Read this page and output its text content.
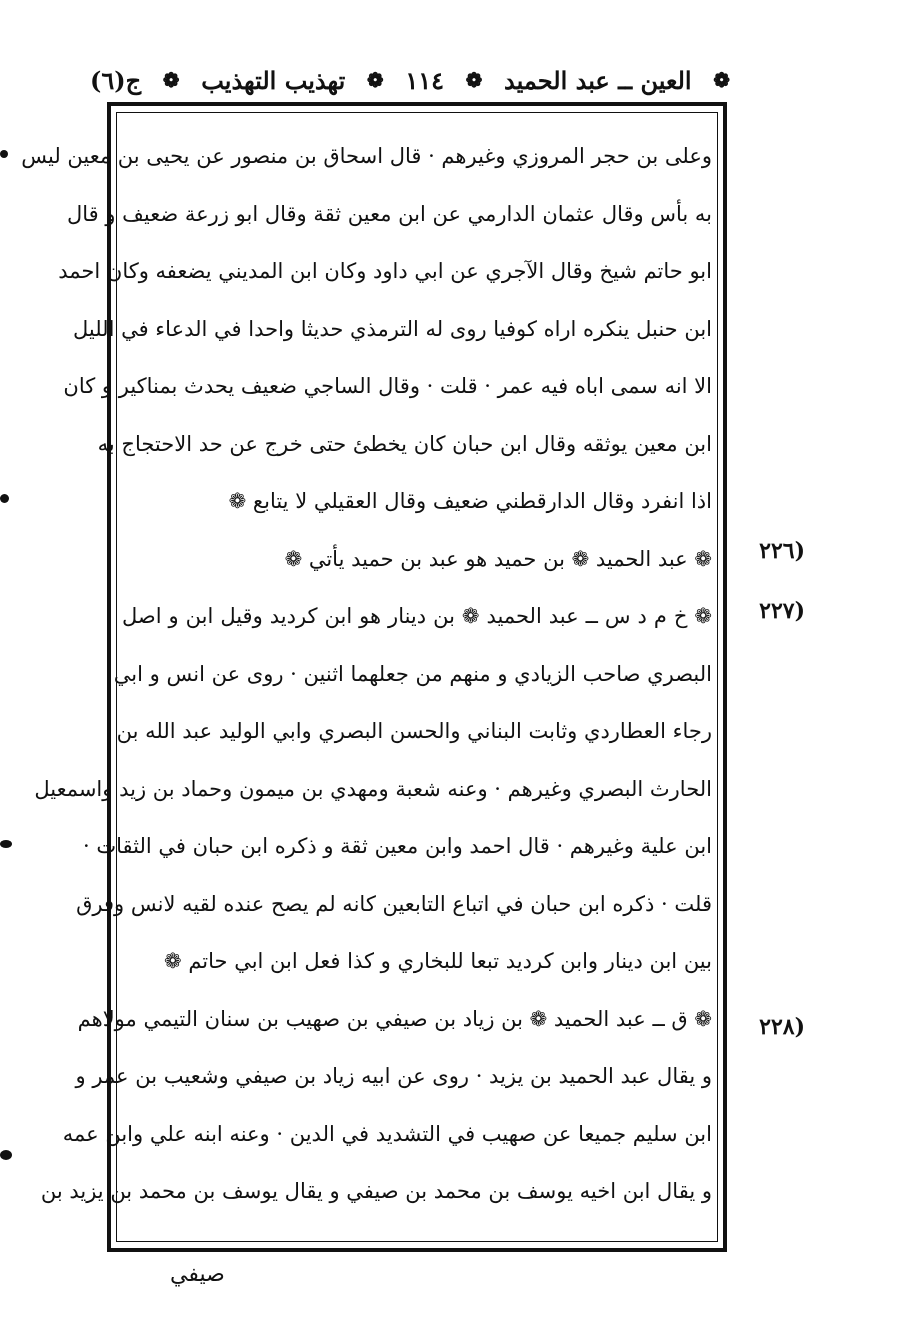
ج(٦) ❁ تهذيب التهذيب ❁ ١١٤ ❁ العين ــ عبد الحميد ❁
وعلى بن حجر المروزي وغيرهم · قال اسحاق بن منصور عن يحيى بن معين ليس
به بأس وقال عثمان الدارمي عن ابن معين ثقة وقال ابو زرعة ضعيف و قال
ابو حاتم شيخ وقال الآجري عن ابي داود وكان ابن المديني يضعفه وكان احمد
ابن حنبل ينكره اراه كوفيا روى له الترمذي حديثا واحدا في الدعاء في الليل
الا انه سمى اباه فيه عمر · قلت · وقال الساجي ضعيف يحدث بمناكير و كان
ابن معين يوثقه وقال ابن حبان كان يخطئ حتى خرج عن حد الاحتجاج به
اذا انفرد وقال الدارقطني ضعيف وقال العقيلي لا يتابع ❁
❁ عبد الحميد ❁ بن حميد هو عبد بن حميد يأتي ❁
❁ خ م د س ــ عبد الحميد ❁ بن دينار هو ابن كرديد وقيل ابن و اصل
البصري صاحب الزيادي و منهم من جعلهما اثنين · روى عن انس و ابي
رجاء العطاردي وثابت البناني والحسن البصري وابي الوليد عبد الله بن
الحارث البصري وغيرهم · وعنه شعبة ومهدي بن ميمون وحماد بن زيد واسمعيل
ابن علية وغيرهم · قال احمد وابن معين ثقة و ذكره ابن حبان في الثقات ·
قلت · ذكره ابن حبان في اتباع التابعين كانه لم يصح عنده لقيه لانس وفرق
بين ابن دينار وابن كرديد تبعا للبخاري و كذا فعل ابن ابي حاتم ❁
❁ ق ــ عبد الحميد ❁ بن زياد بن صيفي بن صهيب بن سنان التيمي مولاهم
و يقال عبد الحميد بن يزيد · روى عن ابيه زياد بن صيفي وشعيب بن عمر و
ابن سليم جميعا عن صهيب في التشديد في الدين · وعنه ابنه علي وابن عمه
و يقال ابن اخيه يوسف بن محمد بن صيفي و يقال يوسف بن محمد بن يزيد بن
(٢٢٦
(٢٢٧
(٢٢٨
صيفي
